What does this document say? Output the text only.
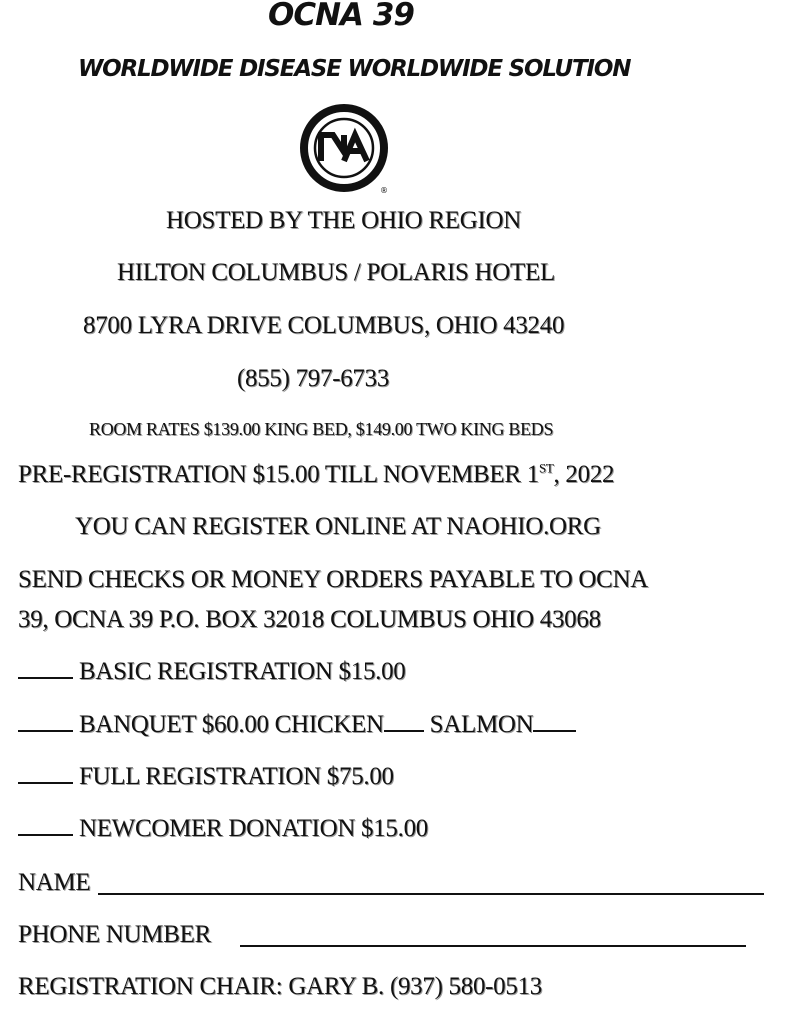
OCNA 39
WORLDWIDE DISEASE WORLDWIDE SOLUTION
®
HOSTED BY THE OHIO REGION
HILTON COLUMBUS / POLARIS HOTEL
8700 LYRA DRIVE COLUMBUS, OHIO 43240
(855) 797-6733
ROOM RATES $139.00 KING BED, $149.00 TWO KING BEDS
PRE-REGISTRATION $15.00 TILL NOVEMBER 1ST, 2022
YOU CAN REGISTER ONLINE AT NAOHIO.ORG
SEND CHECKS OR MONEY ORDERS PAYABLE TO OCNA
39, OCNA 39 P.O. BOX 32018 COLUMBUS OHIO 43068
BASIC REGISTRATION $15.00
BANQUET $60.00 CHICKEN SALMON
FULL REGISTRATION $75.00
NEWCOMER DONATION $15.00
NAME
PHONE NUMBER
REGISTRATION CHAIR: GARY B. (937) 580-0513
